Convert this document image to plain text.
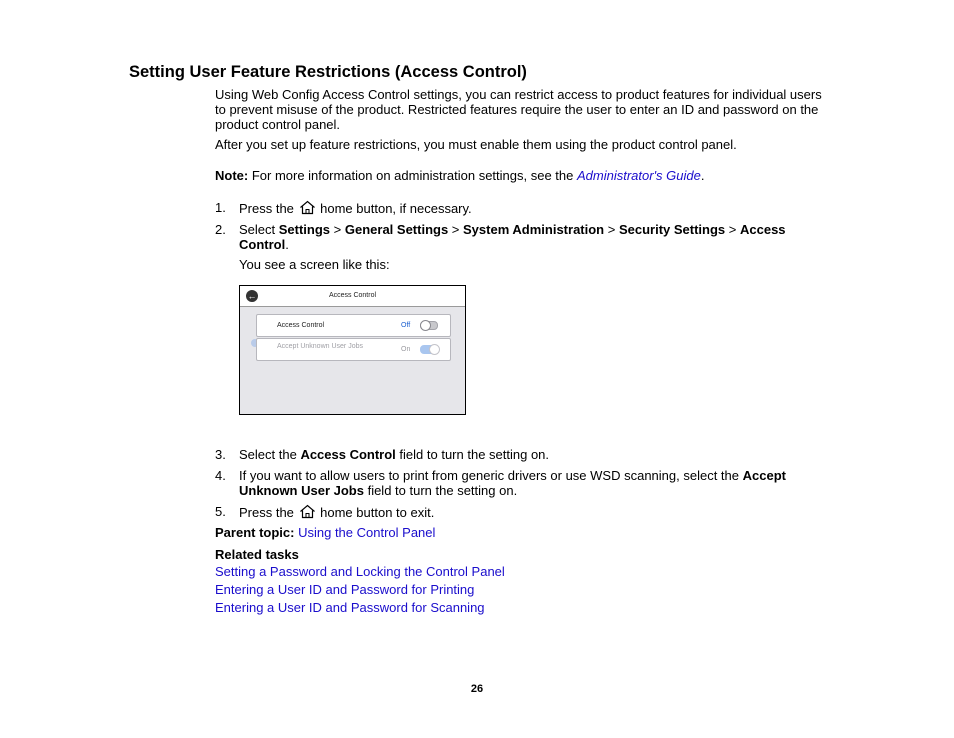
Setting User Feature Restrictions (Access Control)

Using Web Config Access Control settings, you can restrict access to product features for individual users to prevent misuse of the product. Restricted features require the user to enter an ID and password on the product control panel.

After you set up feature restrictions, you must enable them using the product control panel.

Note: For more information on administration settings, see the Administrator's Guide.

1. Press the  home button, if necessary.
2. Select Settings > General Settings > System Administration > Security Settings > Access Control.
You see a screen like this:
←	Access Control
Access Control	Off
Accept Unknown User Jobs	On
3. Select the Access Control field to turn the setting on.
4. If you want to allow users to print from generic drivers or use WSD scanning, select the Accept Unknown User Jobs field to turn the setting on.
5. Press the  home button to exit.
Parent topic: Using the Control Panel
Related tasks
Setting a Password and Locking the Control Panel
Entering a User ID and Password for Printing
Entering a User ID and Password for Scanning
26
